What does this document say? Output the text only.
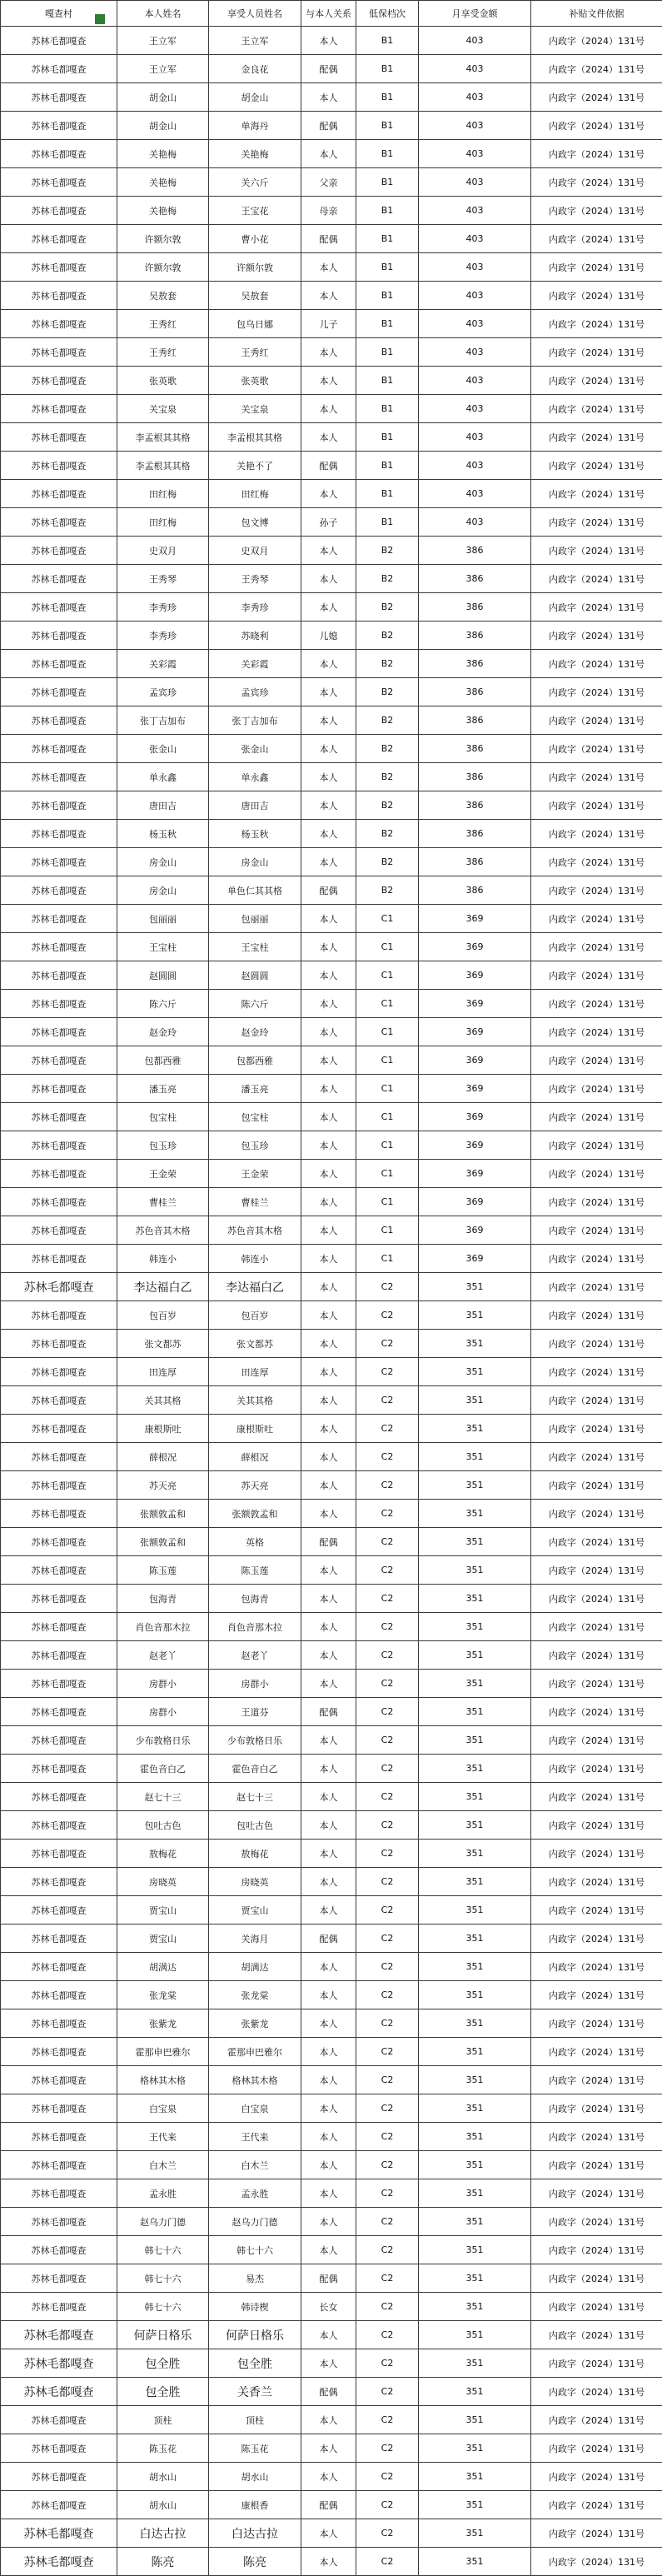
嘎查村	本人姓名	享受人员姓名	与本人关系	低保档次	月享受金额	补贴文件依据
苏林毛都嘎查	王立军	王立军	本人	B1	403	内政字（2024）131号
苏林毛都嘎查	王立军	金良花	配偶	B1	403	内政字（2024）131号
苏林毛都嘎查	胡金山	胡金山	本人	B1	403	内政字（2024）131号
苏林毛都嘎查	胡金山	单海丹	配偶	B1	403	内政字（2024）131号
苏林毛都嘎查	关艳梅	关艳梅	本人	B1	403	内政字（2024）131号
苏林毛都嘎查	关艳梅	关六斤	父亲	B1	403	内政字（2024）131号
苏林毛都嘎查	关艳梅	王宝花	母亲	B1	403	内政字（2024）131号
苏林毛都嘎查	许额尔敦	曹小花	配偶	B1	403	内政字（2024）131号
苏林毛都嘎查	许额尔敦	许额尔敦	本人	B1	403	内政字（2024）131号
苏林毛都嘎查	吴敖套	吴敖套	本人	B1	403	内政字（2024）131号
苏林毛都嘎查	王秀红	包乌日娜	儿子	B1	403	内政字（2024）131号
苏林毛都嘎查	王秀红	王秀红	本人	B1	403	内政字（2024）131号
苏林毛都嘎查	张英歌	张英歌	本人	B1	403	内政字（2024）131号
苏林毛都嘎查	关宝泉	关宝泉	本人	B1	403	内政字（2024）131号
苏林毛都嘎查	李孟根其其格	李孟根其其格	本人	B1	403	内政字（2024）131号
苏林毛都嘎查	李孟根其其格	关艳不了	配偶	B1	403	内政字（2024）131号
苏林毛都嘎查	田红梅	田红梅	本人	B1	403	内政字（2024）131号
苏林毛都嘎查	田红梅	包文博	孙子	B1	403	内政字（2024）131号
苏林毛都嘎查	史双月	史双月	本人	B2	386	内政字（2024）131号
苏林毛都嘎查	王秀琴	王秀琴	本人	B2	386	内政字（2024）131号
苏林毛都嘎查	李秀珍	李秀珍	本人	B2	386	内政字（2024）131号
苏林毛都嘎查	李秀珍	苏晓利	儿媳	B2	386	内政字（2024）131号
苏林毛都嘎查	关彩霞	关彩霞	本人	B2	386	内政字（2024）131号
苏林毛都嘎查	孟宾珍	孟宾珍	本人	B2	386	内政字（2024）131号
苏林毛都嘎查	张丁吉加布	张丁吉加布	本人	B2	386	内政字（2024）131号
苏林毛都嘎查	张金山	张金山	本人	B2	386	内政字（2024）131号
苏林毛都嘎查	单永鑫	单永鑫	本人	B2	386	内政字（2024）131号
苏林毛都嘎查	唐田吉	唐田吉	本人	B2	386	内政字（2024）131号
苏林毛都嘎查	杨玉秋	杨玉秋	本人	B2	386	内政字（2024）131号
苏林毛都嘎查	房金山	房金山	本人	B2	386	内政字（2024）131号
苏林毛都嘎查	房金山	单色仁其其格	配偶	B2	386	内政字（2024）131号
苏林毛都嘎查	包丽丽	包丽丽	本人	C1	369	内政字（2024）131号
苏林毛都嘎查	王宝柱	王宝柱	本人	C1	369	内政字（2024）131号
苏林毛都嘎查	赵圆圆	赵圆圆	本人	C1	369	内政字（2024）131号
苏林毛都嘎查	陈六斤	陈六斤	本人	C1	369	内政字（2024）131号
苏林毛都嘎查	赵金玲	赵金玲	本人	C1	369	内政字（2024）131号
苏林毛都嘎查	包都西雅	包都西雅	本人	C1	369	内政字（2024）131号
苏林毛都嘎查	潘玉亮	潘玉亮	本人	C1	369	内政字（2024）131号
苏林毛都嘎查	包宝柱	包宝柱	本人	C1	369	内政字（2024）131号
苏林毛都嘎查	包玉珍	包玉珍	本人	C1	369	内政字（2024）131号
苏林毛都嘎查	王金荣	王金荣	本人	C1	369	内政字（2024）131号
苏林毛都嘎查	曹桂兰	曹桂兰	本人	C1	369	内政字（2024）131号
苏林毛都嘎查	苏色音其木格	苏色音其木格	本人	C1	369	内政字（2024）131号
苏林毛都嘎查	韩连小	韩连小	本人	C1	369	内政字（2024）131号
苏林毛都嘎查	李达福白乙	李达福白乙	本人	C2	351	内政字（2024）131号
苏林毛都嘎查	包百岁	包百岁	本人	C2	351	内政字（2024）131号
苏林毛都嘎查	张文都苏	张文都苏	本人	C2	351	内政字（2024）131号
苏林毛都嘎查	田连厚	田连厚	本人	C2	351	内政字（2024）131号
苏林毛都嘎查	关其其格	关其其格	本人	C2	351	内政字（2024）131号
苏林毛都嘎查	康根斯吐	康根斯吐	本人	C2	351	内政字（2024）131号
苏林毛都嘎查	薛根况	薛根况	本人	C2	351	内政字（2024）131号
苏林毛都嘎查	苏天亮	苏天亮	本人	C2	351	内政字（2024）131号
苏林毛都嘎查	张额敦孟和	张额敦孟和	本人	C2	351	内政字（2024）131号
苏林毛都嘎查	张额敦孟和	英格	配偶	C2	351	内政字（2024）131号
苏林毛都嘎查	陈玉莲	陈玉莲	本人	C2	351	内政字（2024）131号
苏林毛都嘎查	包海青	包海青	本人	C2	351	内政字（2024）131号
苏林毛都嘎查	肖色音那木拉	肖色音那木拉	本人	C2	351	内政字（2024）131号
苏林毛都嘎查	赵老丫	赵老丫	本人	C2	351	内政字（2024）131号
苏林毛都嘎查	房群小	房群小	本人	C2	351	内政字（2024）131号
苏林毛都嘎查	房群小	王道芬	配偶	C2	351	内政字（2024）131号
苏林毛都嘎查	少布敦格日乐	少布敦格日乐	本人	C2	351	内政字（2024）131号
苏林毛都嘎查	霍色音白乙	霍色音白乙	本人	C2	351	内政字（2024）131号
苏林毛都嘎查	赵七十三	赵七十三	本人	C2	351	内政字（2024）131号
苏林毛都嘎查	包吐古色	包吐古色	本人	C2	351	内政字（2024）131号
苏林毛都嘎查	敖梅花	敖梅花	本人	C2	351	内政字（2024）131号
苏林毛都嘎查	房晓英	房晓英	本人	C2	351	内政字（2024）131号
苏林毛都嘎查	贾宝山	贾宝山	本人	C2	351	内政字（2024）131号
苏林毛都嘎查	贾宝山	关海月	配偶	C2	351	内政字（2024）131号
苏林毛都嘎查	胡满达	胡满达	本人	C2	351	内政字（2024）131号
苏林毛都嘎查	张龙棠	张龙棠	本人	C2	351	内政字（2024）131号
苏林毛都嘎查	张紫龙	张紫龙	本人	C2	351	内政字（2024）131号
苏林毛都嘎查	霍那申巴雅尔	霍那申巴雅尔	本人	C2	351	内政字（2024）131号
苏林毛都嘎查	格林其木格	格林其木格	本人	C2	351	内政字（2024）131号
苏林毛都嘎查	白宝泉	白宝泉	本人	C2	351	内政字（2024）131号
苏林毛都嘎查	王代来	王代来	本人	C2	351	内政字（2024）131号
苏林毛都嘎查	白木兰	白木兰	本人	C2	351	内政字（2024）131号
苏林毛都嘎查	孟永胜	孟永胜	本人	C2	351	内政字（2024）131号
苏林毛都嘎查	赵乌力门德	赵乌力门德	本人	C2	351	内政字（2024）131号
苏林毛都嘎查	韩七十六	韩七十六	本人	C2	351	内政字（2024）131号
苏林毛都嘎查	韩七十六	易杰	配偶	C2	351	内政字（2024）131号
苏林毛都嘎查	韩七十六	韩诗楔	长女	C2	351	内政字（2024）131号
苏林毛都嘎查	何萨日格乐	何萨日格乐	本人	C2	351	内政字（2024）131号
苏林毛都嘎查	包全胜	包全胜	本人	C2	351	内政字（2024）131号
苏林毛都嘎查	包全胜	关香兰	配偶	C2	351	内政字（2024）131号
苏林毛都嘎查	顶柱	顶柱	本人	C2	351	内政字（2024）131号
苏林毛都嘎查	陈玉花	陈玉花	本人	C2	351	内政字（2024）131号
苏林毛都嘎查	胡水山	胡水山	本人	C2	351	内政字（2024）131号
苏林毛都嘎查	胡水山	康根香	配偶	C2	351	内政字（2024）131号
苏林毛都嘎查	白达古拉	白达古拉	本人	C2	351	内政字（2024）131号
苏林毛都嘎查	陈亮	陈亮	本人	C2	351	内政字（2024）131号
